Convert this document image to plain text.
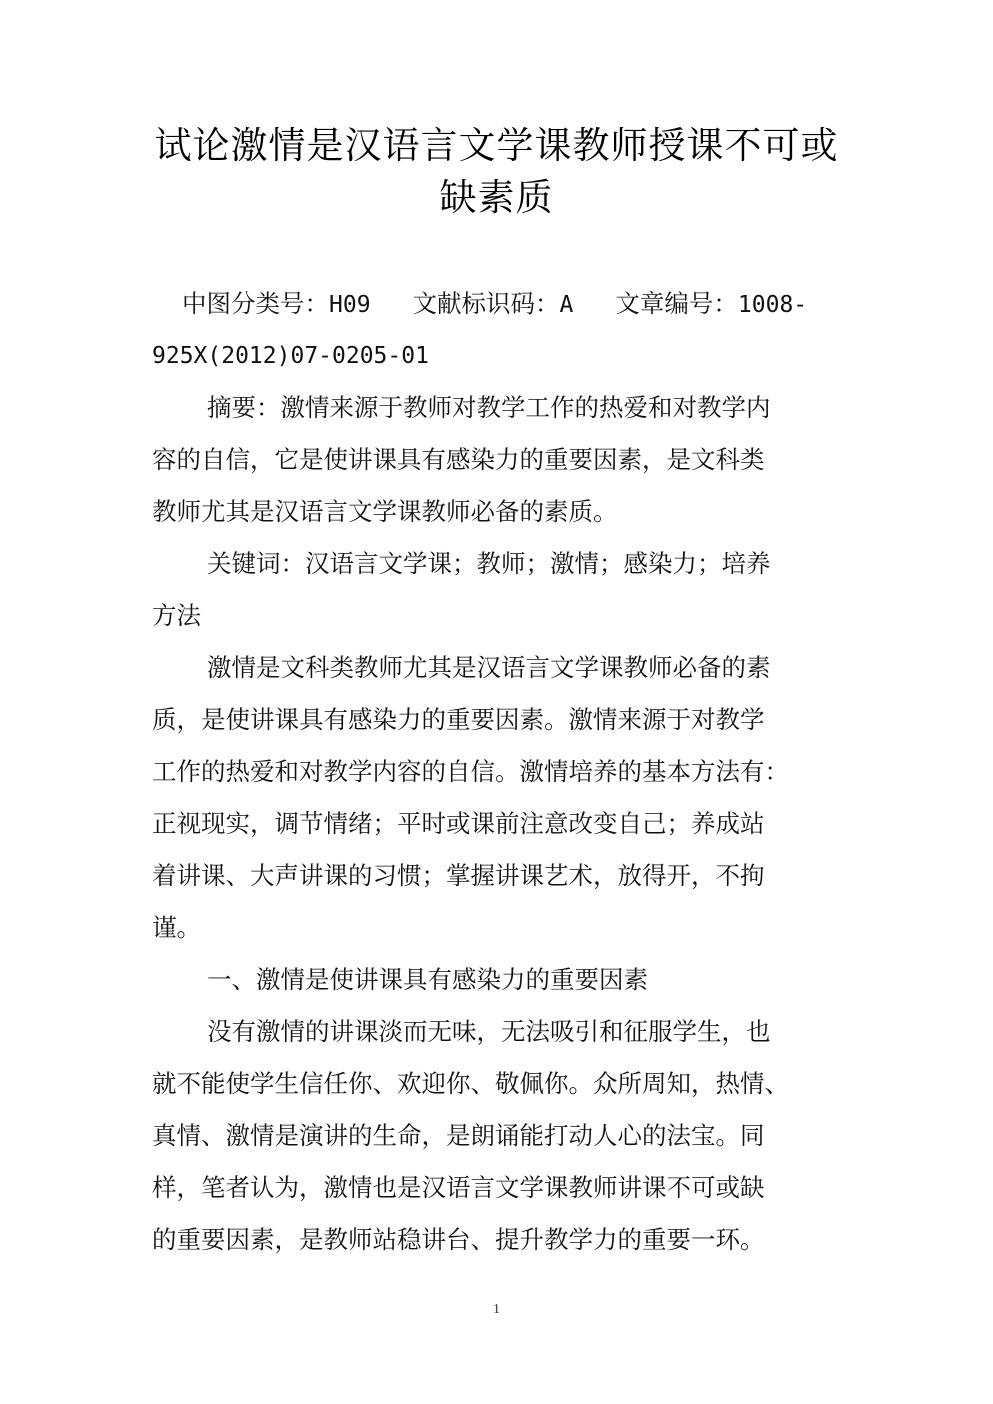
试论激情是汉语言文学课教师授课不可或
缺素质
中图分类号：H09 文献标识码：A 文章编号：1008-
925X(2012)07-0205-01
摘要：激情来源于教师对教学工作的热爱和对教学内
容的自信，它是使讲课具有感染力的重要因素，是文科类
教师尤其是汉语言文学课教师必备的素质。
关键词：汉语言文学课；教师；激情；感染力；培养
方法
激情是文科类教师尤其是汉语言文学课教师必备的素
质，是使讲课具有感染力的重要因素。激情来源于对教学
工作的热爱和对教学内容的自信。激情培养的基本方法有：
正视现实，调节情绪；平时或课前注意改变自己；养成站
着讲课、大声讲课的习惯；掌握讲课艺术，放得开，不拘
谨。
一、激情是使讲课具有感染力的重要因素
没有激情的讲课淡而无味，无法吸引和征服学生，也
就不能使学生信任你、欢迎你、敬佩你。众所周知，热情、
真情、激情是演讲的生命，是朗诵能打动人心的法宝。同
样，笔者认为，激情也是汉语言文学课教师讲课不可或缺
的重要因素，是教师站稳讲台、提升教学力的重要一环。
1
